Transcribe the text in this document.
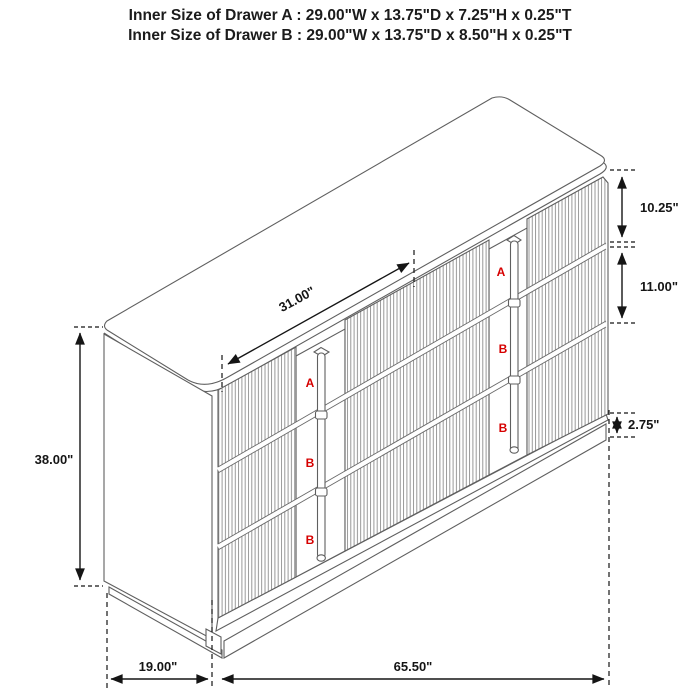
Inner Size of Drawer A : 29.00"W x 13.75"D x 7.25"H x 0.25"T
Inner Size of Drawer B : 29.00"W x 13.75"D x 8.50"H x 0.25"T
A
B
B
A
B
B
38.00"
31.00"
10.25"
11.00"
2.75"
19.00"	65.50"
